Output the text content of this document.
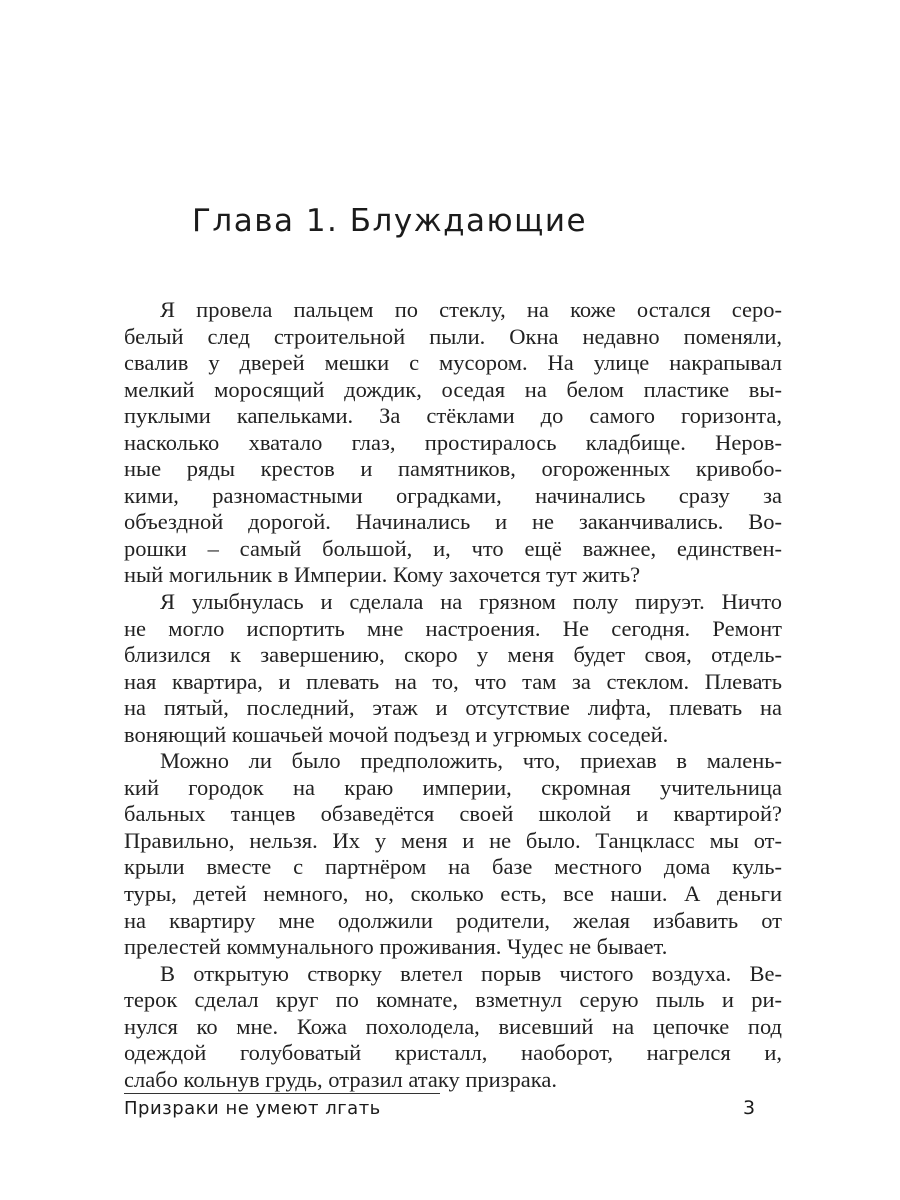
Глава 1. Блуждающие
Я провела пальцем по стеклу, на коже остался серо-
белый след строительной пыли. Окна недавно поменяли,
свалив у дверей мешки с мусором. На улице накрапывал
мелкий моросящий дождик, оседая на белом пластике вы-
пуклыми капельками. За стёклами до самого горизонта,
насколько хватало глаз, простиралось кладбище. Неров-
ные ряды крестов и памятников, огороженных кривобо-
кими, разномастными оградками, начинались сразу за
объездной дорогой. Начинались и не заканчивались. Во-
рошки – самый большой, и, что ещё важнее, единствен-
ный могильник в Империи. Кому захочется тут жить?
Я улыбнулась и сделала на грязном полу пируэт. Ничто
не могло испортить мне настроения. Не сегодня. Ремонт
близился к завершению, скоро у меня будет своя, отдель-
ная квартира, и плевать на то, что там за стеклом. Плевать
на пятый, последний, этаж и отсутствие лифта, плевать на
воняющий кошачьей мочой подъезд и угрюмых соседей.
Можно ли было предположить, что, приехав в малень-
кий городок на краю империи, скромная учительница
бальных танцев обзаведётся своей школой и квартирой?
Правильно, нельзя. Их у меня и не было. Танцкласс мы от-
крыли вместе с партнёром на базе местного дома куль-
туры, детей немного, но, сколько есть, все наши. А деньги
на квартиру мне одолжили родители, желая избавить от
прелестей коммунального проживания. Чудес не бывает.
В открытую створку влетел порыв чистого воздуха. Ве-
терок сделал круг по комнате, взметнул серую пыль и ри-
нулся ко мне. Кожа похолодела, висевший на цепочке под
одеждой голубоватый кристалл, наоборот, нагрелся и,
слабо кольнув грудь, отразил атаку призрака.
Призраки не умеют лгать	3
